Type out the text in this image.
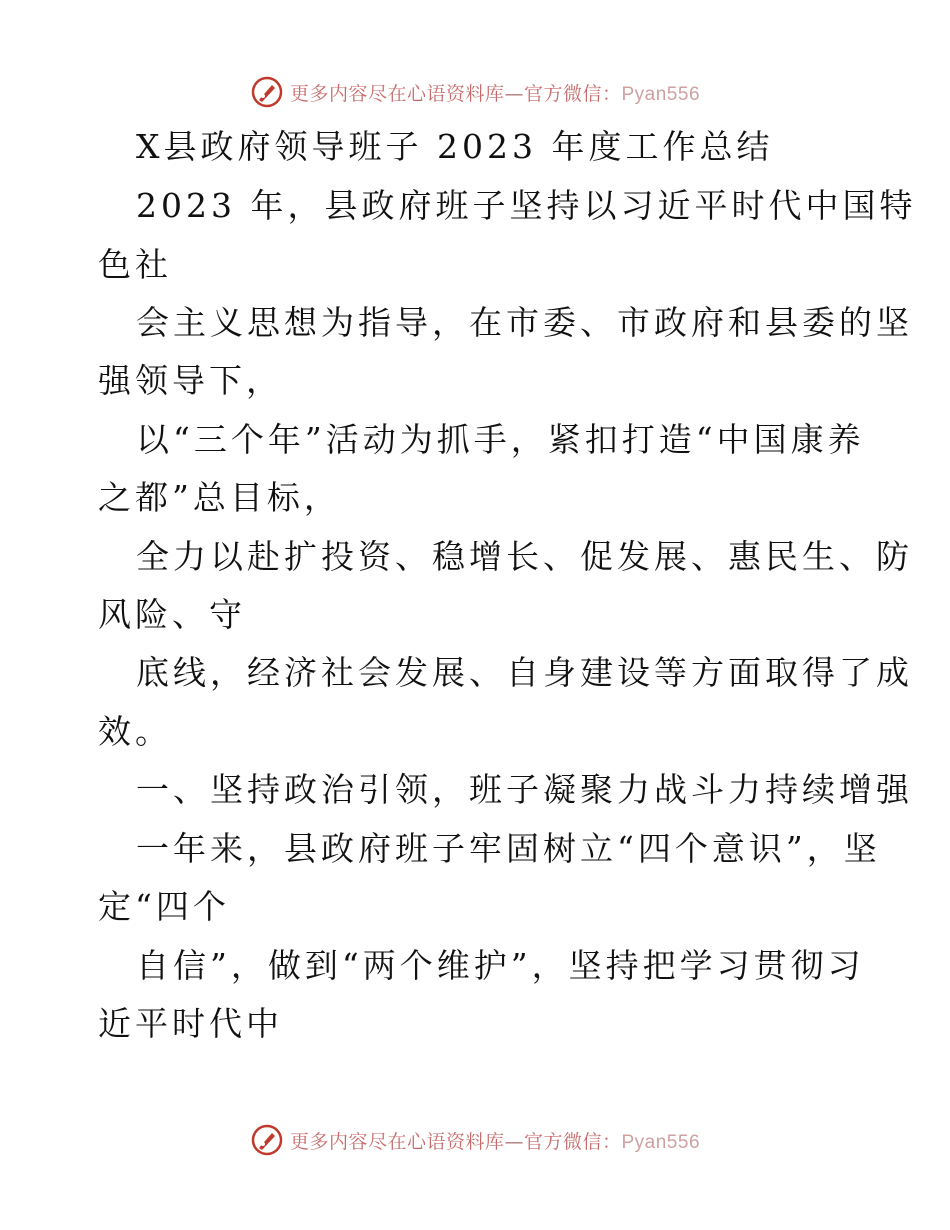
更多内容尽在心语资料库—官方微信：Pyan556
X县政府领导班子 2023 年度工作总结
2023 年，县政府班子坚持以习近平时代中国特
色社
会主义思想为指导，在市委、市政府和县委的坚
强领导下，
以“三个年”活动为抓手，紧扣打造“中国康养
之都”总目标，
全力以赴扩投资、稳增长、促发展、惠民生、防
风险、守
底线，经济社会发展、自身建设等方面取得了成
效。
一、坚持政治引领，班子凝聚力战斗力持续增强
一年来，县政府班子牢固树立“四个意识”，坚
定“四个
自信”，做到“两个维护”，坚持把学习贯彻习
近平时代中
更多内容尽在心语资料库—官方微信：Pyan556
